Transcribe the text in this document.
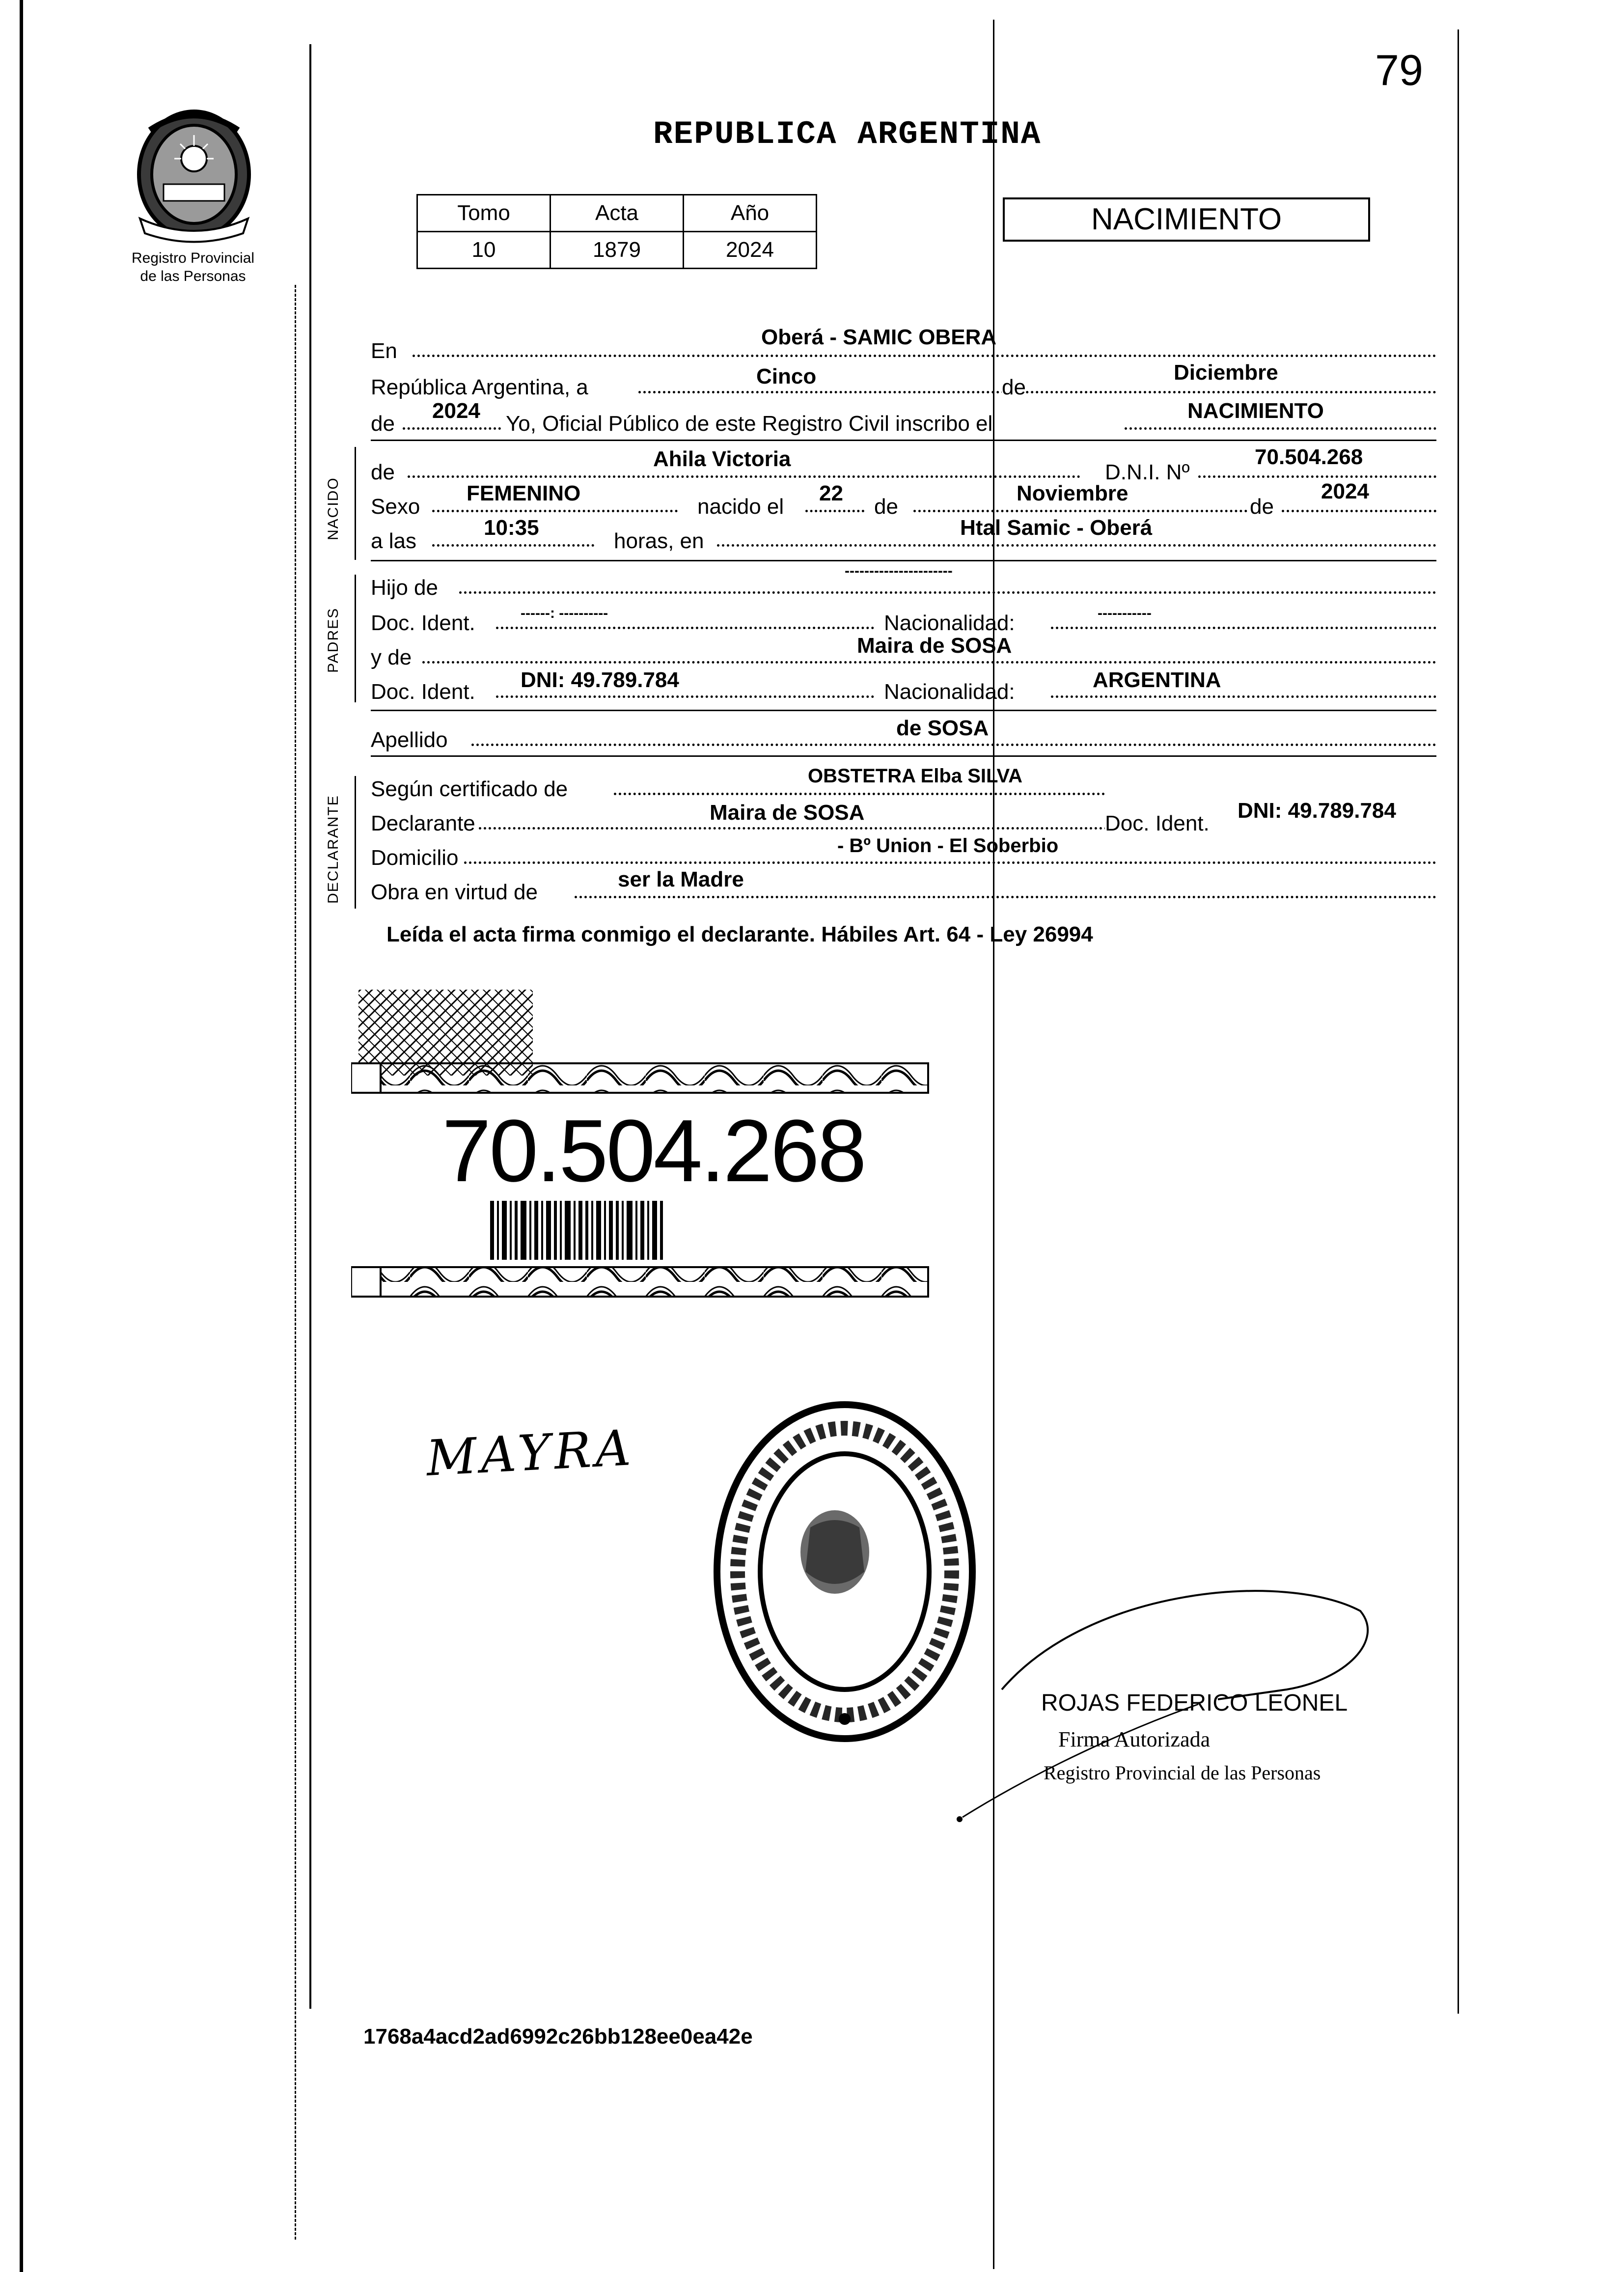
79
Registro Provincial
de las Personas
REPUBLICA ARGENTINA
Tomo	Acta	Año
10	1879	2024
NACIMIENTO
En
Oberá - SAMIC OBERA
República Argentina, a	Cinco	de
Diciembre
de
2024
Yo, Oficial Público de este Registro Civil inscribo el
NACIMIENTO
NACIDO
de
Ahila Victoria
D.N.I. Nº
70.504.268
Sexo
FEMENINO
nacido el
22
de
Noviembre
de
2024
a las
10:35
horas, en
Htal Samic - Oberá
PADRES
Hijo de
----------------------
Doc. Ident.	------: ----------	Nacionalidad:	-----------
y de	Maira de SOSA
Doc. Ident. DNI: 49.789.784	Nacionalidad:	ARGENTINA
Apellido	de SOSA
DECLARANTE
Según certificado de
OBSTETRA Elba SILVA
Declarante	Maira de SOSA	Doc. Ident.
DNI: 49.789.784
Domicilio	- Bº Union - El Soberbio
Obra en virtud de
ser la Madre
Leída el acta firma conmigo el declarante. Hábiles Art. 64 - Ley 26994
70.504.268
MAYRA
ROJAS FEDERICO LEONEL
Firma Autorizada
Registro Provincial de las Personas
1768a4acd2ad6992c26bb128ee0ea42e
